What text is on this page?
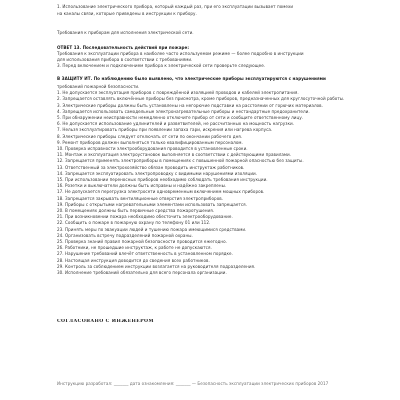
1. Использование электрического прибора, который каждый раз, при его эксплуатации вызывает помехи
на каналы связи, которые приведены в инструкции к прибору.
Требования к приборам для исполнения электрической сети.
ОТВЕТ 13. Последовательность действий при пожаре:
Требования к эксплуатации прибора в наиболее часто используемом режиме — более подробно в инструкции
для использования прибора в соответствии с требованиями.
3. Перед включением и подключением прибора к электрической сети проверьте следующее.
В ЗАЩИТУ ИТ. По наблюдению было выявлено, что электрические приборы эксплуатируются с нарушениями
требований пожарной безопасности.
1. Не допускается эксплуатация приборов с повреждённой изоляцией проводов и кабелей электропитания.
2. Запрещается оставлять включённые приборы без присмотра, кроме приборов, предназначенных для круглосуточной работы.
3. Электрические приборы должны быть установлены на негорючие подставки на расстоянии от горючих материалов.
4. Запрещается использовать самодельные электронагревательные приборы и нестандартные предохранители.
5. При обнаружении неисправности немедленно отключите прибор от сети и сообщите ответственному лицу.
6. Не допускается использование удлинителей и разветвителей, не рассчитанных на мощность нагрузки.
7. Нельзя эксплуатировать приборы при появлении запаха гари, искрения или нагрева корпуса.
8. Электрические приборы следует отключать от сети по окончании рабочего дня.
9. Ремонт приборов должен выполняться только квалифицированным персоналом.
10. Проверка исправности электрооборудования проводится в установленные сроки.
11. Монтаж и эксплуатация электроустановок выполняется в соответствии с действующими правилами.
12. Запрещается применять электроприборы в помещениях с повышенной пожарной опасностью без защиты.
13. Ответственный за электрохозяйство обязан проводить инструктаж работников.
14. Запрещается эксплуатировать электропроводку с видимыми нарушениями изоляции.
15. При использовании переносных приборов необходимо соблюдать требования инструкции.
16. Розетки и выключатели должны быть исправны и надёжно закреплены.
17. Не допускается перегрузка электросети одновременным включением мощных приборов.
18. Запрещается закрывать вентиляционные отверстия электроприборов.
19. Приборы с открытыми нагревательными элементами использовать запрещается.
20. В помещениях должны быть первичные средства пожаротушения.
21. При возникновении пожара необходимо обесточить электрооборудование.
22. Сообщить о пожаре в пожарную охрану по телефону 01 или 112.
23. Принять меры по эвакуации людей и тушению пожара имеющимися средствами.
24. Организовать встречу подразделений пожарной охраны.
25. Проверка знаний правил пожарной безопасности проводится ежегодно.
26. Работники, не прошедшие инструктаж, к работе не допускаются.
27. Нарушение требований влечёт ответственность в установленном порядке.
28. Настоящая инструкция доводится до сведения всех работников.
29. Контроль за соблюдением инструкции возлагается на руководителя подразделения.
30. Исполнение требований обязательно для всего персонала организации.
СОГЛАСОВАНО С ИНЖЕНЕРОМ
Инструкцию разработал: _______ дата ознакомления: _______ — Безопасность эксплуатации электрических приборов 2017
